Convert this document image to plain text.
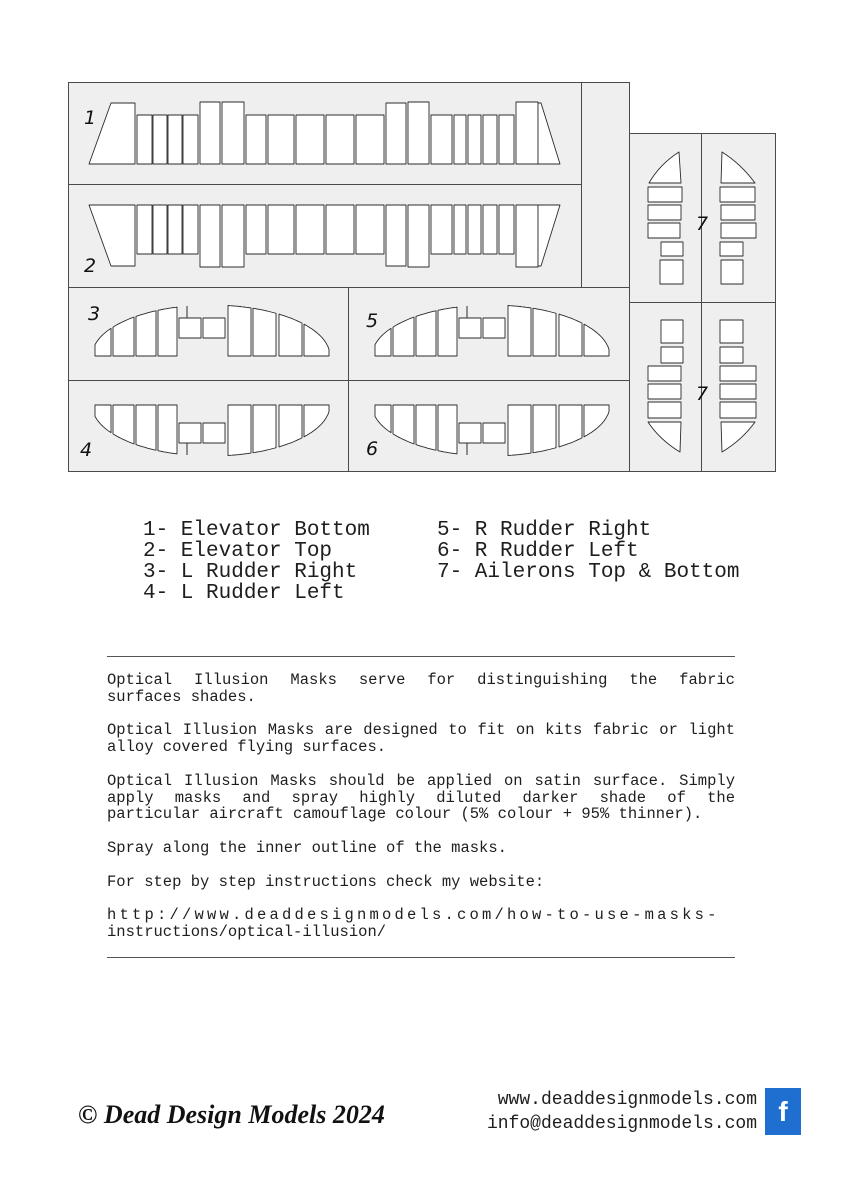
1
2
3	5
4	6
7
7
1- Elevator Bottom
2- Elevator Top
3- L Rudder Right
4- L Rudder Left
5- R Rudder Right
6- R Rudder Left
7- Ailerons Top & Bottom
Optical Illusion Masks serve for distinguishing the fabric
surfaces shades.
Optical Illusion Masks are designed to fit on kits fabric or light
alloy covered flying surfaces.
Optical Illusion Masks should be applied on satin surface. Simply
apply masks and spray highly diluted darker shade of the
particular aircraft camouflage colour (5% colour + 95% thinner).
Spray along the inner outline of the masks.
For step by step instructions check my website:
http://www.deaddesignmodels.com/how-to-use-masks-
instructions/optical-illusion/
© Dead Design Models 2024	www.deaddesignmodels.com
info@deaddesignmodels.com f
